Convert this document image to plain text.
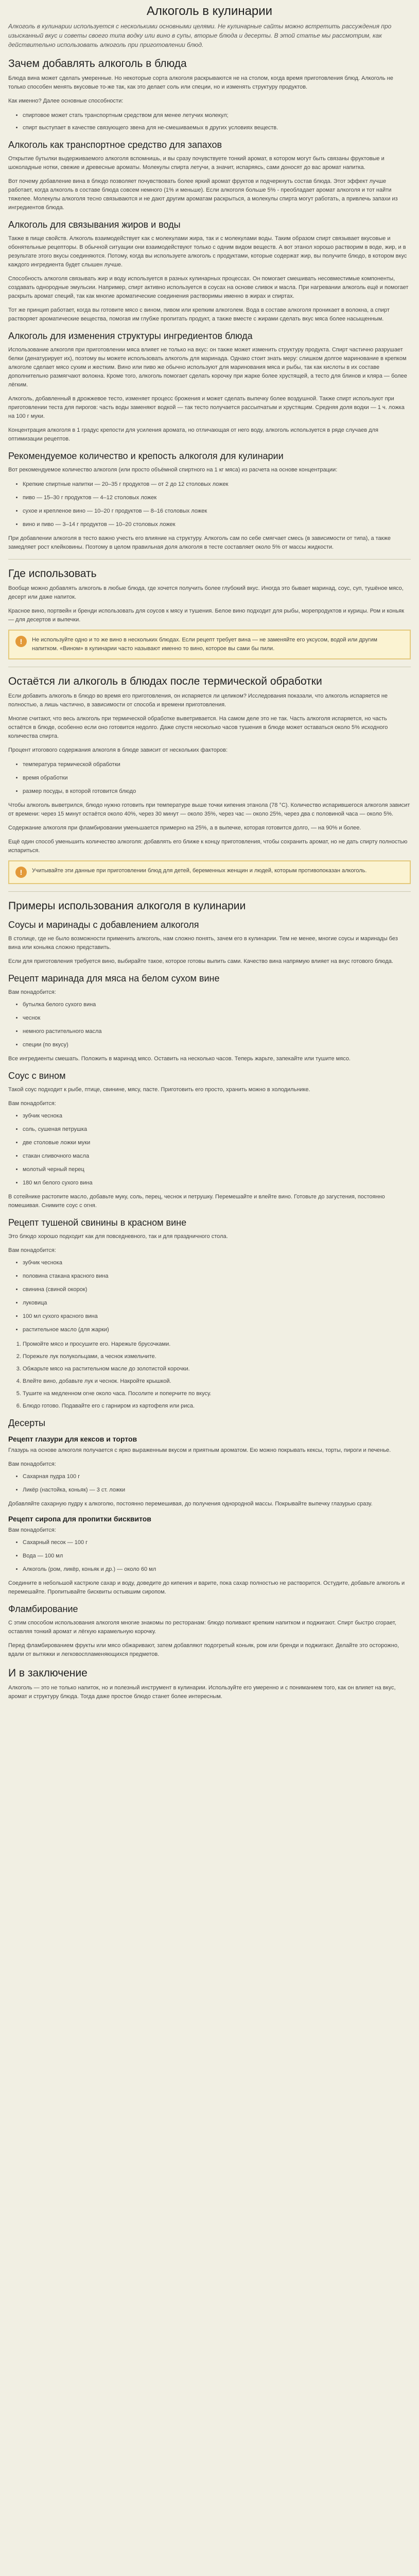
Алкоголь в кулинарии

Алкоголь в кулинарии используется с несколькими основными целями. Не кулинарные сайты можно встретить рассуждения про изысканный вкус и советы своего типа водку или вино в супы, вторые блюда и десерты. В этой статье мы рассмотрим, как действительно использовать алкоголь при приготовлении блюд.

Зачем добавлять алкоголь в блюда

Блюда вина может сделать умеренные. Но некоторые сорта алкоголя раскрываются не на столом, когда время приготовления блюд. Алкоголь не только способен менять вкусовые то-же так, как это делает соль или специи, но и изменять структуру продуктов.

Как именно? Далее основные способности:

• спиртовое может стать транспортным средством для менее летучих молекул;
• спирт выступает в качестве связующего звена для не-смешиваемых в других условиях веществ.
Алкоголь как транспортное средство для запахов

Открытие бутылки выдерживаемого алкоголя вспомнишь, и вы сразу почувствуете тонкий аромат, в котором могут быть связаны фруктовые и шоколадные нотки, свежие и древесные ароматы. Молекулы спирта летучи, а значит, испаряясь, сами доносят до вас аромат напитка.

Вот почему добавление вина в блюдо позволяет почувствовать более яркий аромат фруктов и подчеркнуть состав блюда. Этот эффект лучше работает, когда алкоголь в составе блюда совсем немного (1% и меньше). Если алкоголя больше 5% - преобладает аромат алкоголя и тот найти тяжелее. Молекулы алкоголя тесно связываются и не дают другим ароматам раскрыться, а молекулы спирта могут работать, а привлечь запахи из ингредиентов блюда.

Алкоголь для связывания жиров и воды

Также в пище свойств. Алкоголь взаимодействует как с молекулами жира, так и с молекулами воды. Таким образом спирт связывает вкусовые и обонятельные рецепторы. В обычной ситуации они взаимодействуют только с одним видом веществ. А вот этанол хорошо растворим в воде, жир, и в результате этого вкусы соединяются. Потому, когда вы используете алкоголь с продуктами, которые содержат жир, вы получите блюдо, в котором вкус каждого ингредиента будет слышен лучше.

Способность алкоголя связывать жир и воду используется в разных кулинарных процессах. Он помогает смешивать несовместимые компоненты, создавать однородные эмульсии. Например, спирт активно используется в соусах на основе сливок и масла. При нагревании алкоголь ещё и помогает раскрыть аромат специй, так как многие ароматические соединения растворимы именно в жирах и спиртах.

Тот же принцип работает, когда вы готовите мясо с вином, пивом или крепким алкоголем. Вода в составе алкоголя проникает в волокна, а спирт растворяет ароматические вещества, помогая им глубже пропитать продукт, а также вместе с жирами сделать вкус мяса более насыщенным.

Алкоголь для изменения структуры ингредиентов блюда

Использование алкоголя при приготовлении мяса влияет не только на вкус: он также может изменить структуру продукта. Спирт частично разрушает белки (денатурирует их), поэтому вы можете использовать алкоголь для маринада. Однако стоит знать меру: слишком долгое маринование в крепком алкоголе сделает мясо сухим и жестким. Вино или пиво же обычно используют для маринования мяса и рыбы, так как кислоты в их составе дополнительно размягчают волокна. Кроме того, алкоголь помогает сделать корочку при жарке более хрустящей, а тесто для блинов и кляра — более лёгким.

Алкоголь, добавленный в дрожжевое тесто, изменяет процесс брожения и может сделать выпечку более воздушной. Также спирт используют при приготовлении теста для пирогов: часть воды заменяют водкой — так тесто получается рассыпчатым и хрустящим. Средняя доля водки — 1 ч. ложка на 100 г муки.

Концентрация алкоголя в 1 градус крепости для усиления аромата, но отличающая от него воду, алкоголь используется в ряде случаев для оптимизации рецептов.

Рекомендуемое количество и крепость алкоголя для кулинарии

Вот рекомендуемое количество алкоголя (или просто объёмной спиртного на 1 кг мяса) из расчета на основе концентрации:

• Крепкие спиртные напитки — 20–35 г продуктов — от 2 до 12 столовых ложек
• пиво — 15–30 г продуктов — 4–12 столовых ложек
• сухое и крепленое вино — 10–20 г продуктов — 8–16 столовых ложек
• вино и пиво — 3–14 г продуктов — 10–20 столовых ложек

При добавлении алкоголя в тесто важно учесть его влияние на структуру. Алкоголь сам по себе смягчает смесь (в зависимости от типа), а также замедляет рост клейковины. Поэтому в целом правильная доля алкоголя в тесте составляет около 5% от массы жидкости.

Где использовать

Вообще можно добавлять алкоголь в любые блюда, где хочется получить более глубокий вкус. Иногда это бывает маринад, соус, суп, тушёное мясо, десерт или даже напиток.

Красное вино, портвейн и бренди использовать для соусов к мясу и тушения. Белое вино подходит для рыбы, морепродуктов и курицы. Ром и коньяк — для десертов и выпечки.

!	Не используйте одно и то же вино в нескольких блюдах. Если рецепт требует вина — не заменяйте его уксусом, водой или другим напитком. «Вином» в кулинарии часто называют именно то вино, которое вы сами бы пили.

Остаётся ли алкоголь в блюдах после термической обработки

Если добавить алкоголь в блюдо во время его приготовления, он испаряется ли целиком? Исследования показали, что алкоголь испаряется не полностью, а лишь частично, в зависимости от способа и времени приготовления.

Многие считают, что весь алкоголь при термической обработке выветривается. На самом деле это не так. Часть алкоголя испаряется, но часть остаётся в блюде, особенно если оно готовится недолго. Даже спустя несколько часов тушения в блюде может оставаться около 5% исходного количества спирта.

Процент итогового содержания алкоголя в блюде зависит от нескольких факторов:

• температура термической обработки
• время обработки
• размер посуды, в которой готовится блюдо

Чтобы алкоголь выветрился, блюдо нужно готовить при температуре выше точки кипения этанола (78 °C). Количество испарившегося алкоголя зависит от времени: через 15 минут остаётся около 40%, через 30 минут — около 35%, через час — около 25%, через два с половиной часа — около 5%.

Содержание алкоголя при фламбировании уменьшается примерно на 25%, а в выпечке, которая готовится долго, — на 90% и более.

Ещё один способ уменьшить количество алкоголя: добавлять его ближе к концу приготовления, чтобы сохранить аромат, но не дать спирту полностью испариться.

!	Учитывайте эти данные при приготовлении блюд для детей, беременных женщин и людей, которым противопоказан алкоголь.

Примеры использования алкоголя в кулинарии
Соусы и маринады с добавлением алкоголя

В столице, где не было возможности применить алкоголь, нам сложно понять, зачем его в кулинарии. Тем не менее, многие соусы и маринады без вина или коньяка сложно представить.

Если для приготовления требуется вино, выбирайте такое, которое готовы выпить сами. Качество вина напрямую влияет на вкус готового блюда.

Рецепт маринада для мяса на белом сухом вине

Вам понадобится:

• бутылка белого сухого вина
• чеснок
• немного растительного масла
• специи (по вкусу)

Все ингредиенты смешать. Положить в маринад мясо. Оставить на несколько часов. Теперь жарьте, запекайте или тушите мясо.

Соус с вином

Такой соус подходит к рыбе, птице, свинине, мясу, пасте. Приготовить его просто, хранить можно в холодильнике.

Вам понадобится:

• зубчик чеснока
• соль, сушеная петрушка
• две столовые ложки муки
• стакан сливочного масла
• молотый черный перец
• 180 мл белого сухого вина

В сотейнике растопите масло, добавьте муку, соль, перец, чеснок и петрушку. Перемешайте и влейте вино. Готовьте до загустения, постоянно помешивая. Снимите соус с огня.

Рецепт тушеной свинины в красном вине

Это блюдо хорошо подходит как для повседневного, так и для праздничного стола.

Вам понадобится:

• зубчик чеснока
• половина стакана красного вина
• свинина (свиной окорок)
• луковица
• 100 мл сухого красного вина
• растительное масло (для жарки)
1. Промойте мясо и просушите его. Нарежьте брусочками.
2. Порежьте лук полукольцами, а чеснок измельчите.
3. Обжарьте мясо на растительном масле до золотистой корочки.
4. Влейте вино, добавьте лук и чеснок. Накройте крышкой.
5. Тушите на медленном огне около часа. Посолите и поперчите по вкусу.
6. Блюдо готово. Подавайте его с гарниром из картофеля или риса.
Десерты
Рецепт глазури для кексов и тортов

Глазурь на основе алкоголя получается с ярко выраженным вкусом и приятным ароматом. Ею можно покрывать кексы, торты, пироги и печенье.

Вам понадобится:

• Сахарная пудра 100 г
• Ликёр (настойка, коньяк) — 3 ст. ложки

Добавляйте сахарную пудру к алкоголю, постоянно перемешивая, до получения однородной массы. Покрывайте выпечку глазурью сразу.

Рецепт сиропа для пропитки бисквитов

Вам понадобится:

• Сахарный песок — 100 г
• Вода — 100 мл
• Алкоголь (ром, ликёр, коньяк и др.) — около 60 мл

Соедините в небольшой кастрюле сахар и воду, доведите до кипения и варите, пока сахар полностью не растворится. Остудите, добавьте алкоголь и перемешайте. Пропитывайте бисквиты остывшим сиропом.

Фламбирование

С этим способом использования алкоголя многие знакомы по ресторанам: блюдо поливают крепким напитком и поджигают. Спирт быстро сгорает, оставляя тонкий аромат и лёгкую карамельную корочку.

Перед фламбированием фрукты или мясо обжаривают, затем добавляют подогретый коньяк, ром или бренди и поджигают. Делайте это осторожно, вдали от вытяжки и легковоспламеняющихся предметов.

И в заключение

Алкоголь — это не только напиток, но и полезный инструмент в кулинарии. Используйте его умеренно и с пониманием того, как он влияет на вкус, аромат и структуру блюда. Тогда даже простое блюдо станет более интересным.
